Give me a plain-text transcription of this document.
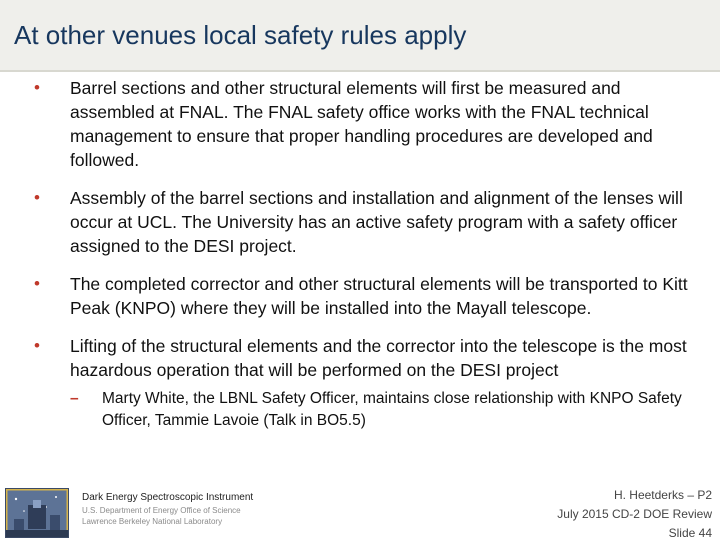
At other venues local safety rules apply
• Barrel sections and other structural elements will first be measured and assembled at FNAL. The FNAL safety office works with the FNAL technical management to ensure that proper handling procedures are developed and followed.
• Assembly of the barrel sections and installation and alignment of the lenses will occur at UCL. The University has an active safety program with a safety officer assigned to the DESI project.
• The completed corrector and other structural elements will be transported to Kitt Peak (KNPO) where they will be installed into the Mayall telescope.
• Lifting of the structural elements and the corrector into the telescope is the most hazardous operation that will be performed on the DESI project
– Marty White, the LBNL Safety Officer, maintains close relationship with KNPO Safety Officer, Tammie Lavoie (Talk in BO5.5)
Dark Energy Spectroscopic Instrument
U.S. Department of Energy Office of Science
Lawrence Berkeley National Laboratory
H. Heetderks – P2
July 2015 CD-2 DOE Review
Slide 44
